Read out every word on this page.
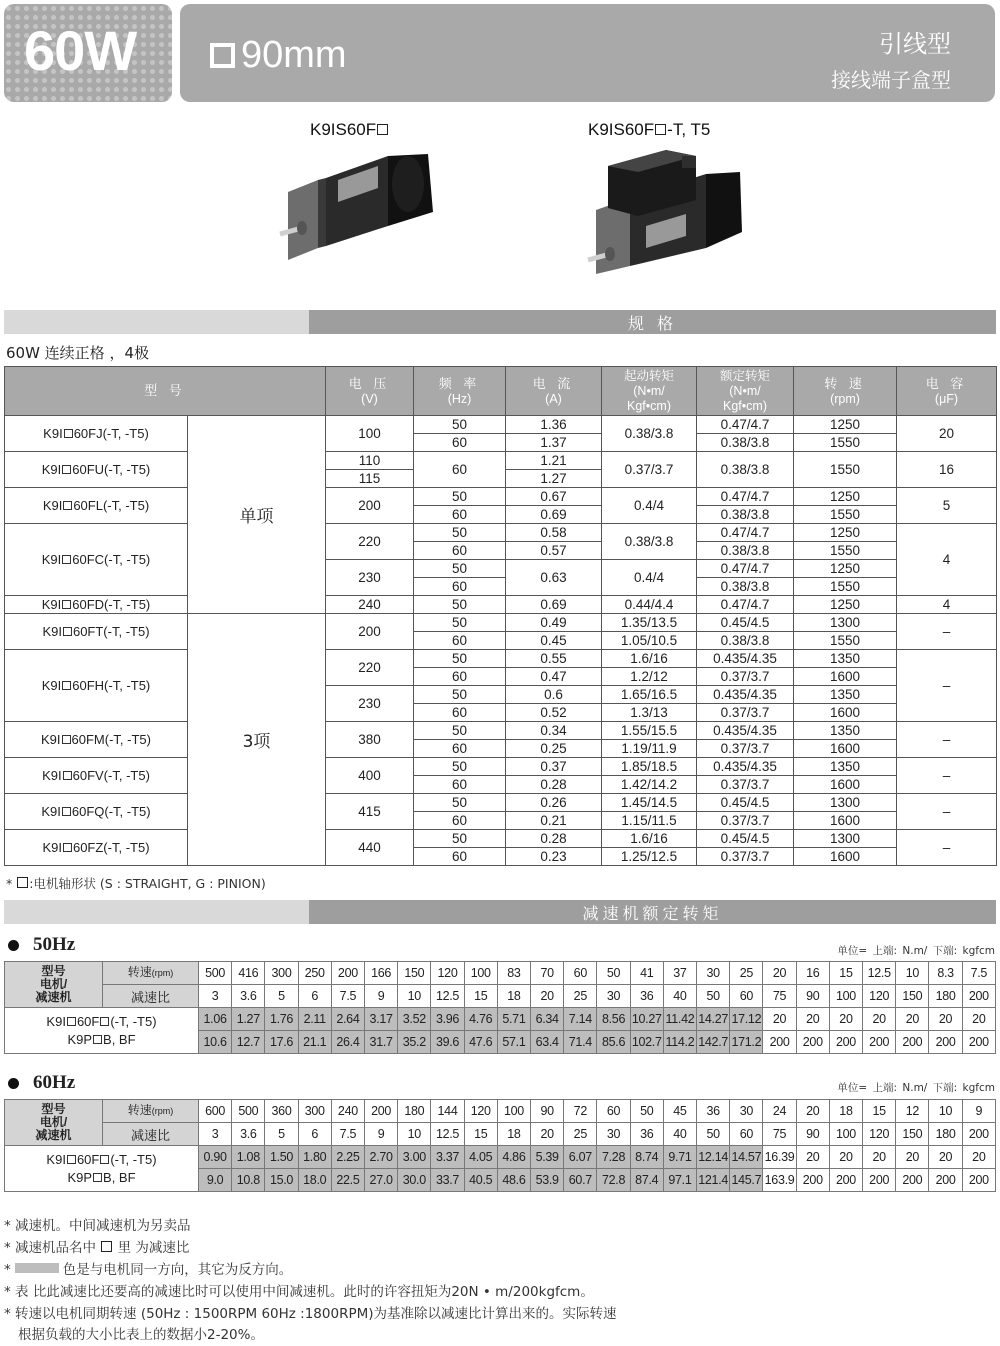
60W	90mm	引线型
接线端子盒型
K9IS60F	K9IS60F -T, T5
规 格
60W 连续正格 ，4极
型 号		电 压
(V)	频 率
(Hz)	电 流
(A)	起动转矩
(N•m/
Kgf•cm)	额定转矩
(N•m/
Kgf•cm)	转 速
(rpm)	电 容
(μF)
K9I 60FJ(-T, -T5)	单项	100	50	1.36	0.38/3.8	0.47/4.7	1250	20
			60	1.37		0.38/3.8	1550	
K9I 60FU(-T, -T5)		110	60	1.21	0.37/3.7	0.38/3.8	1550	16
		115		1.27				
K9I 60FL(-T, -T5)		200	50	0.67	0.4/4	0.47/4.7	1250	5
			60	0.69		0.38/3.8	1550	
K9I 60FC(-T, -T5)		220	50	0.58	0.38/3.8	0.47/4.7	1250	4
			60	0.57		0.38/3.8	1550	
		230	50	0.63	0.4/4	0.47/4.7	1250	
			60			0.38/3.8	1550	
K9I 60FD(-T, -T5)		240	50	0.69	0.44/4.4	0.47/4.7	1250	4
K9I 60FT(-T, -T5)	3项	200	50	0.49	1.35/13.5	0.45/4.5	1300	–
			60	0.45	1.05/10.5	0.38/3.8	1550	
K9I 60FH(-T, -T5)		220	50	0.55	1.6/16	0.435/4.35	1350	–
			60	0.47	1.2/12	0.37/3.7	1600	
		230	50	0.6	1.65/16.5	0.435/4.35	1350	
			60	0.52	1.3/13	0.37/3.7	1600	
K9I 60FM(-T, -T5)		380	50	0.34	1.55/15.5	0.435/4.35	1350	–
			60	0.25	1.19/11.9	0.37/3.7	1600	
K9I 60FV(-T, -T5)		400	50	0.37	1.85/18.5	0.435/4.35	1350	–
			60	0.28	1.42/14.2	0.37/3.7	1600	
K9I 60FQ(-T, -T5)		415	50	0.26	1.45/14.5	0.45/4.5	1300	–
			60	0.21	1.15/11.5	0.37/3.7	1600	
K9I 60FZ(-T, -T5)		440	50	0.28	1.6/16	0.45/4.5	1300	–
			60	0.23	1.25/12.5	0.37/3.7	1600	
* :电机轴形状 (S : STRAIGHT, G : PINION)
减速机额定转矩
50Hz	单位= 上端: N.m/ 下端: kgfcm
型号
电机/
减速机	转速(rpm)	500	416	300	250	200	166	150	120	100	83	70	60	50	41	37	30	25	20	16	15	12.5	10	8.3	7.5
	减速比	3	3.6	5	6	7.5	9	10	12.5	15	18	20	25	30	36	40	50	60	75	90	100	120	150	180	200
K9I 60F (-T, -T5)
K9P B, BF		1.06	1.27	1.76	2.11	2.64	3.17	3.52	3.96	4.76	5.71	6.34	7.14	8.56	10.27	11.42	14.27	17.12	20	20	20	20	20	20	20
		10.6	12.7	17.6	21.1	26.4	31.7	35.2	39.6	47.6	57.1	63.4	71.4	85.6	102.7	114.2	142.7	171.2	200	200	200	200	200	200	200
60Hz	单位= 上端: N.m/ 下端: kgfcm
型号
电机/
减速机	转速(rpm)	600	500	360	300	240	200	180	144	120	100	90	72	60	50	45	36	30	24	20	18	15	12	10	9
	减速比	3	3.6	5	6	7.5	9	10	12.5	15	18	20	25	30	36	40	50	60	75	90	100	120	150	180	200
K9I 60F (-T, -T5)
K9P B, BF		0.90	1.08	1.50	1.80	2.25	2.70	3.00	3.37	4.05	4.86	5.39	6.07	7.28	8.74	9.71	12.14	14.57	16.39	20	20	20	20	20	20
		9.0	10.8	15.0	18.0	22.5	27.0	30.0	33.7	40.5	48.6	53.9	60.7	72.8	87.4	97.1	121.4	145.7	163.9	200	200	200	200	200	200
* 减速机。中间减速机为另卖品
* 减速机品名中 里 为减速比
*	色是与电机同一方向，其它为反方向。
* 表 比此减速比还要高的减速比时可以使用中间减速机。此时的许容扭矩为20N • m/200kgfcm。
* 转速以电机同期转速 (50Hz : 1500RPM 60Hz :1800RPM)为基准除以减速比计算出来的。实际转速
根据负载的大小比表上的数据小2-20%。
